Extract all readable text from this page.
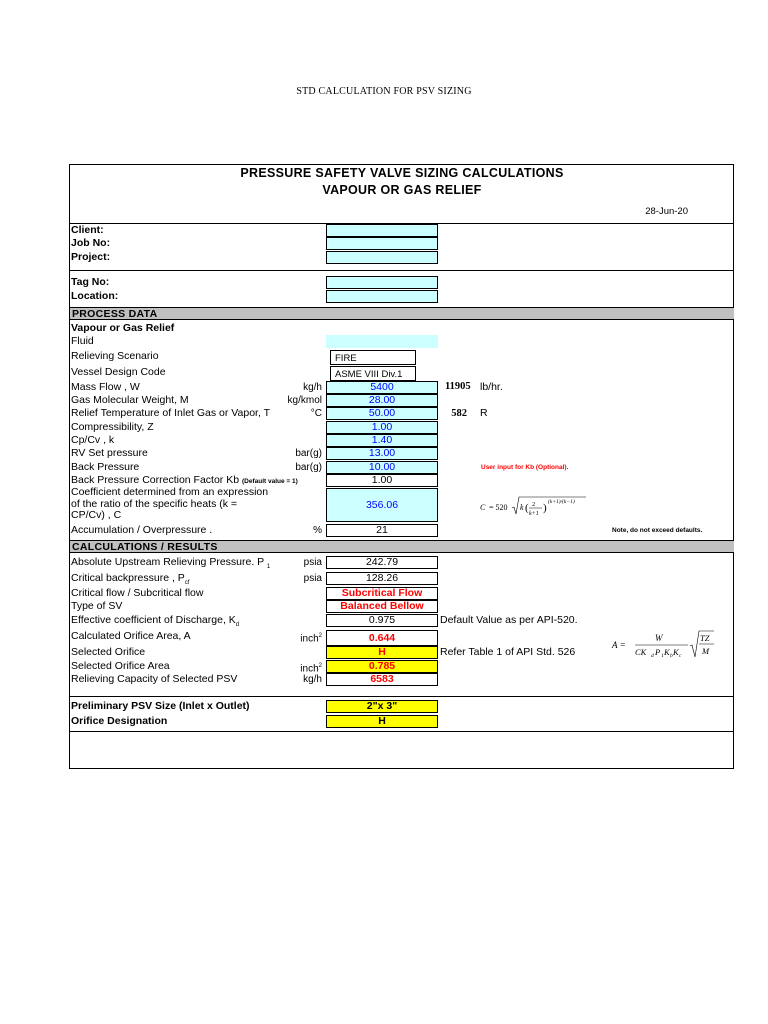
STD CALCULATION FOR PSV SIZING
PRESSURE SAFETY VALVE SIZING CALCULATIONS
VAPOUR OR GAS RELIEF
28-Jun-20
Client:
Job No:
Project:
Tag No:
Location:
PROCESS DATA
Vapour or Gas Relief
Fluid
Relieving Scenario	FIRE
Vessel Design Code	ASME VIII Div.1
Mass Flow , W	kg/h	5400	11905 lb/hr.
Gas Molecular Weight, M	kg/kmol	28.00
Relief Temperature of Inlet Gas or Vapor, T	°C	50.00	582 R
Compressibility, Z	1.00
Cp/Cv , k	1.40
RV Set pressure	bar(g)	13.00
Back Pressure	bar(g)	10.00	User input for Kb (Optional).
Back Pressure Correction Factor Kb (Default value = 1)	1.00
Coefficient determined from an expression
of the ratio of the specific heats (k =
CP/Cv) , C
356.06	C = 520 k ( 2
k+1 ) (k+1)/(k−1)
Accumulation / Overpressure .	%	21	Note, do not exceed defaults.
CALCULATIONS / RESULTS
Absolute Upstream Relieving Pressure. P $_1$	psia	242.79
Critical backpressure , $P_{cf}$	psia	128.26
Critical flow / Subcritical flow	Subcritical Flow
Type of SV	Balanced Bellow
Effective coefficient of Discharge, $K_d$	0.975	Default Value as per API-520.
Calculated Orifice Area, A	inch$^2$	0.644
A =
W
CK d P 1 K b K c
TZ
M
Selected Orifice	H	Refer Table 1 of API Std. 526
Selected Orifice Area	inch$^2$	0.785
Relieving Capacity of Selected PSV	kg/h	6583
Preliminary PSV Size (Inlet x Outlet)	2"x 3"
Orifice Designation	H
